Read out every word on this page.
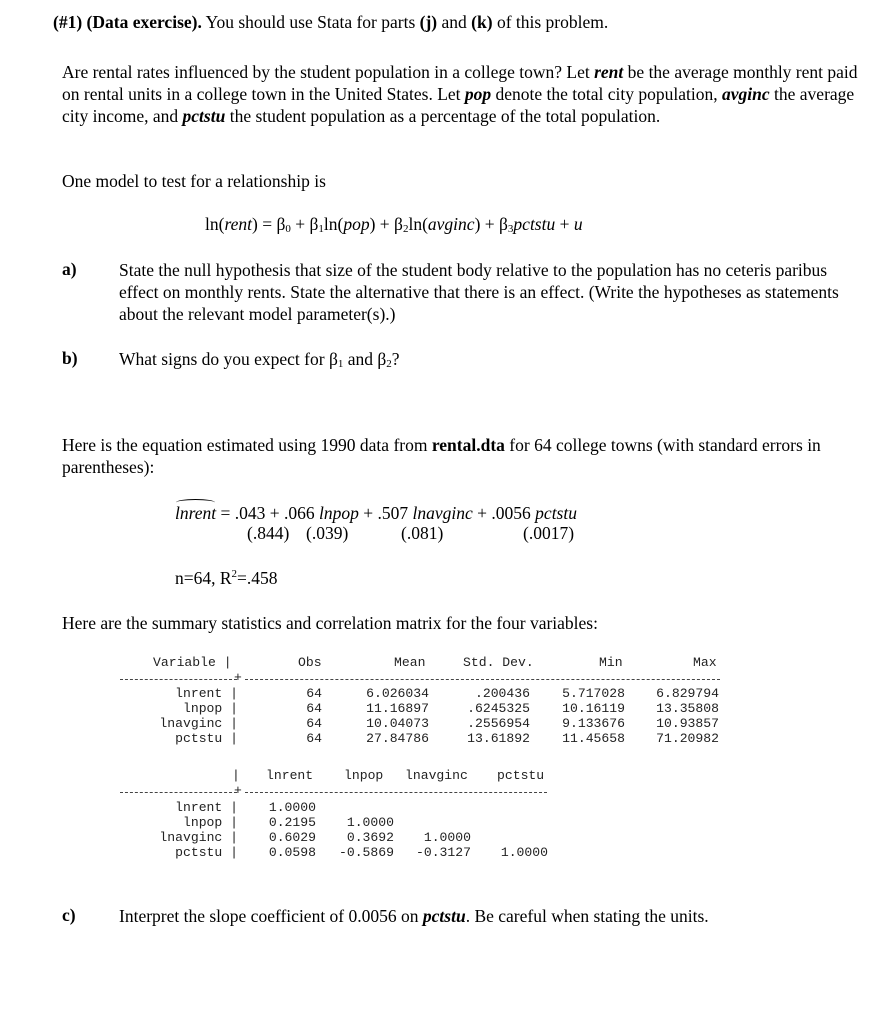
(#1) (Data exercise). You should use Stata for parts (j) and (k) of this problem.
Are rental rates influenced by the student population in a college town? Let rent be the average monthly rent paid on rental units in a college town in the United States. Let pop denote the total city population, avginc the average city income, and pctstu the student population as a percentage of the total population.
One model to test for a relationship is
ln(rent) = $\beta_0 + \beta_1\ln(pop)$ + $\beta_2\ln(avginc)$ + $\beta_3pctstu + u$
a) State the null hypothesis that size of the student body relative to the population has no ceteris paribus effect on monthly rents. State the alternative that there is an effect. (Write the hypotheses as statements about the relevant model parameter(s).)
b) What signs do you expect for $\beta_1$ and $\beta_2$?
Here is the equation estimated using 1990 data from rental.dta for 64 college towns (with standard errors in parentheses):
lnrent = .043 + .066 lnpop + .507 lnavginc + .0056 pctstu
(.844) (.039)	(.081)	(.0017)
n=64, $R^2=.458$
Here are the summary statistics and correlation matrix for the four variables:
Variable |	Obs	Mean	Std. Dev.	Min	Max
+
lnrent |	64	6.026034	.200436 5.717028 6.829794
lnpop |	64	11.16897	.6245325 10.16119 13.35808
lnavginc |	64	10.04073	.2556954 9.133676 10.93857
pctstu |	64	27.84786	13.61892 11.45658 71.20982
| lnrent lnpop lnavginc pctstu
+
lnrent | 1.0000
lnpop | 0.2195 1.0000
lnavginc | 0.6029 0.3692 1.0000
pctstu | 0.0598 -0.5869 -0.3127 1.0000
c) Interpret the slope coefficient of 0.0056 on pctstu. Be careful when stating the units.
